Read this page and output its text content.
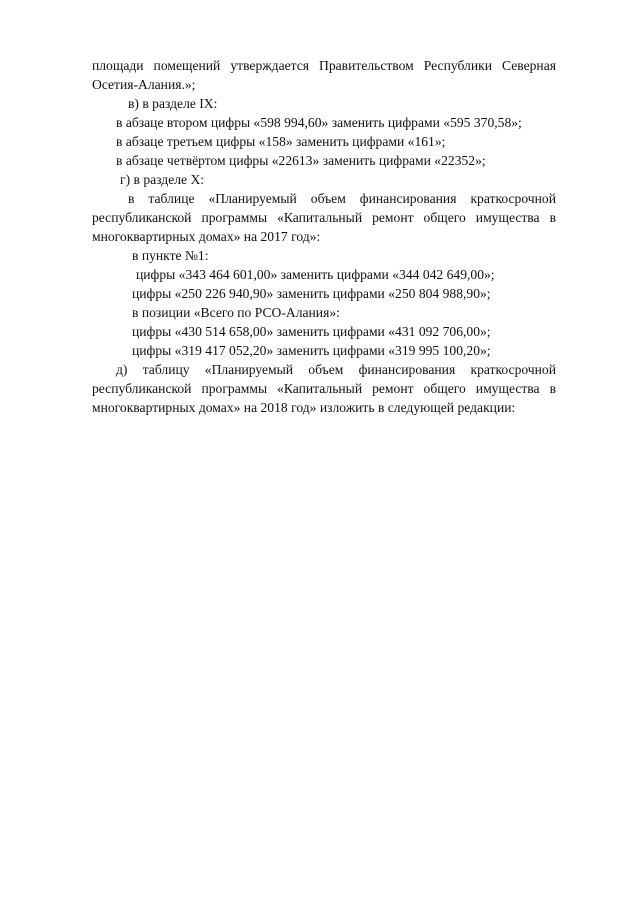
площади помещений утверждается Правительством Республики Северная
Осетия-Алания.»;
в) в разделе IX:
в абзаце втором цифры «598 994,60» заменить цифрами «595 370,58»;
в абзаце третьем цифры «158» заменить цифрами «161»;
в абзаце четвёртом цифры «22613» заменить цифрами «22352»;
г) в разделе X:
в таблице «Планируемый объем финансирования краткосрочной
республиканской программы «Капитальный ремонт общего имущества в
многоквартирных домах» на 2017 год»:
в пункте №1:
цифры «343 464 601,00» заменить цифрами «344 042 649,00»;
цифры «250 226 940,90» заменить цифрами «250 804 988,90»;
в позиции «Всего по РСО-Алания»:
цифры «430 514 658,00» заменить цифрами «431 092 706,00»;
цифры «319 417 052,20» заменить цифрами «319 995 100,20»;
д) таблицу «Планируемый объем финансирования краткосрочной
республиканской программы «Капитальный ремонт общего имущества в
многоквартирных домах» на 2018 год» изложить в следующей редакции:
